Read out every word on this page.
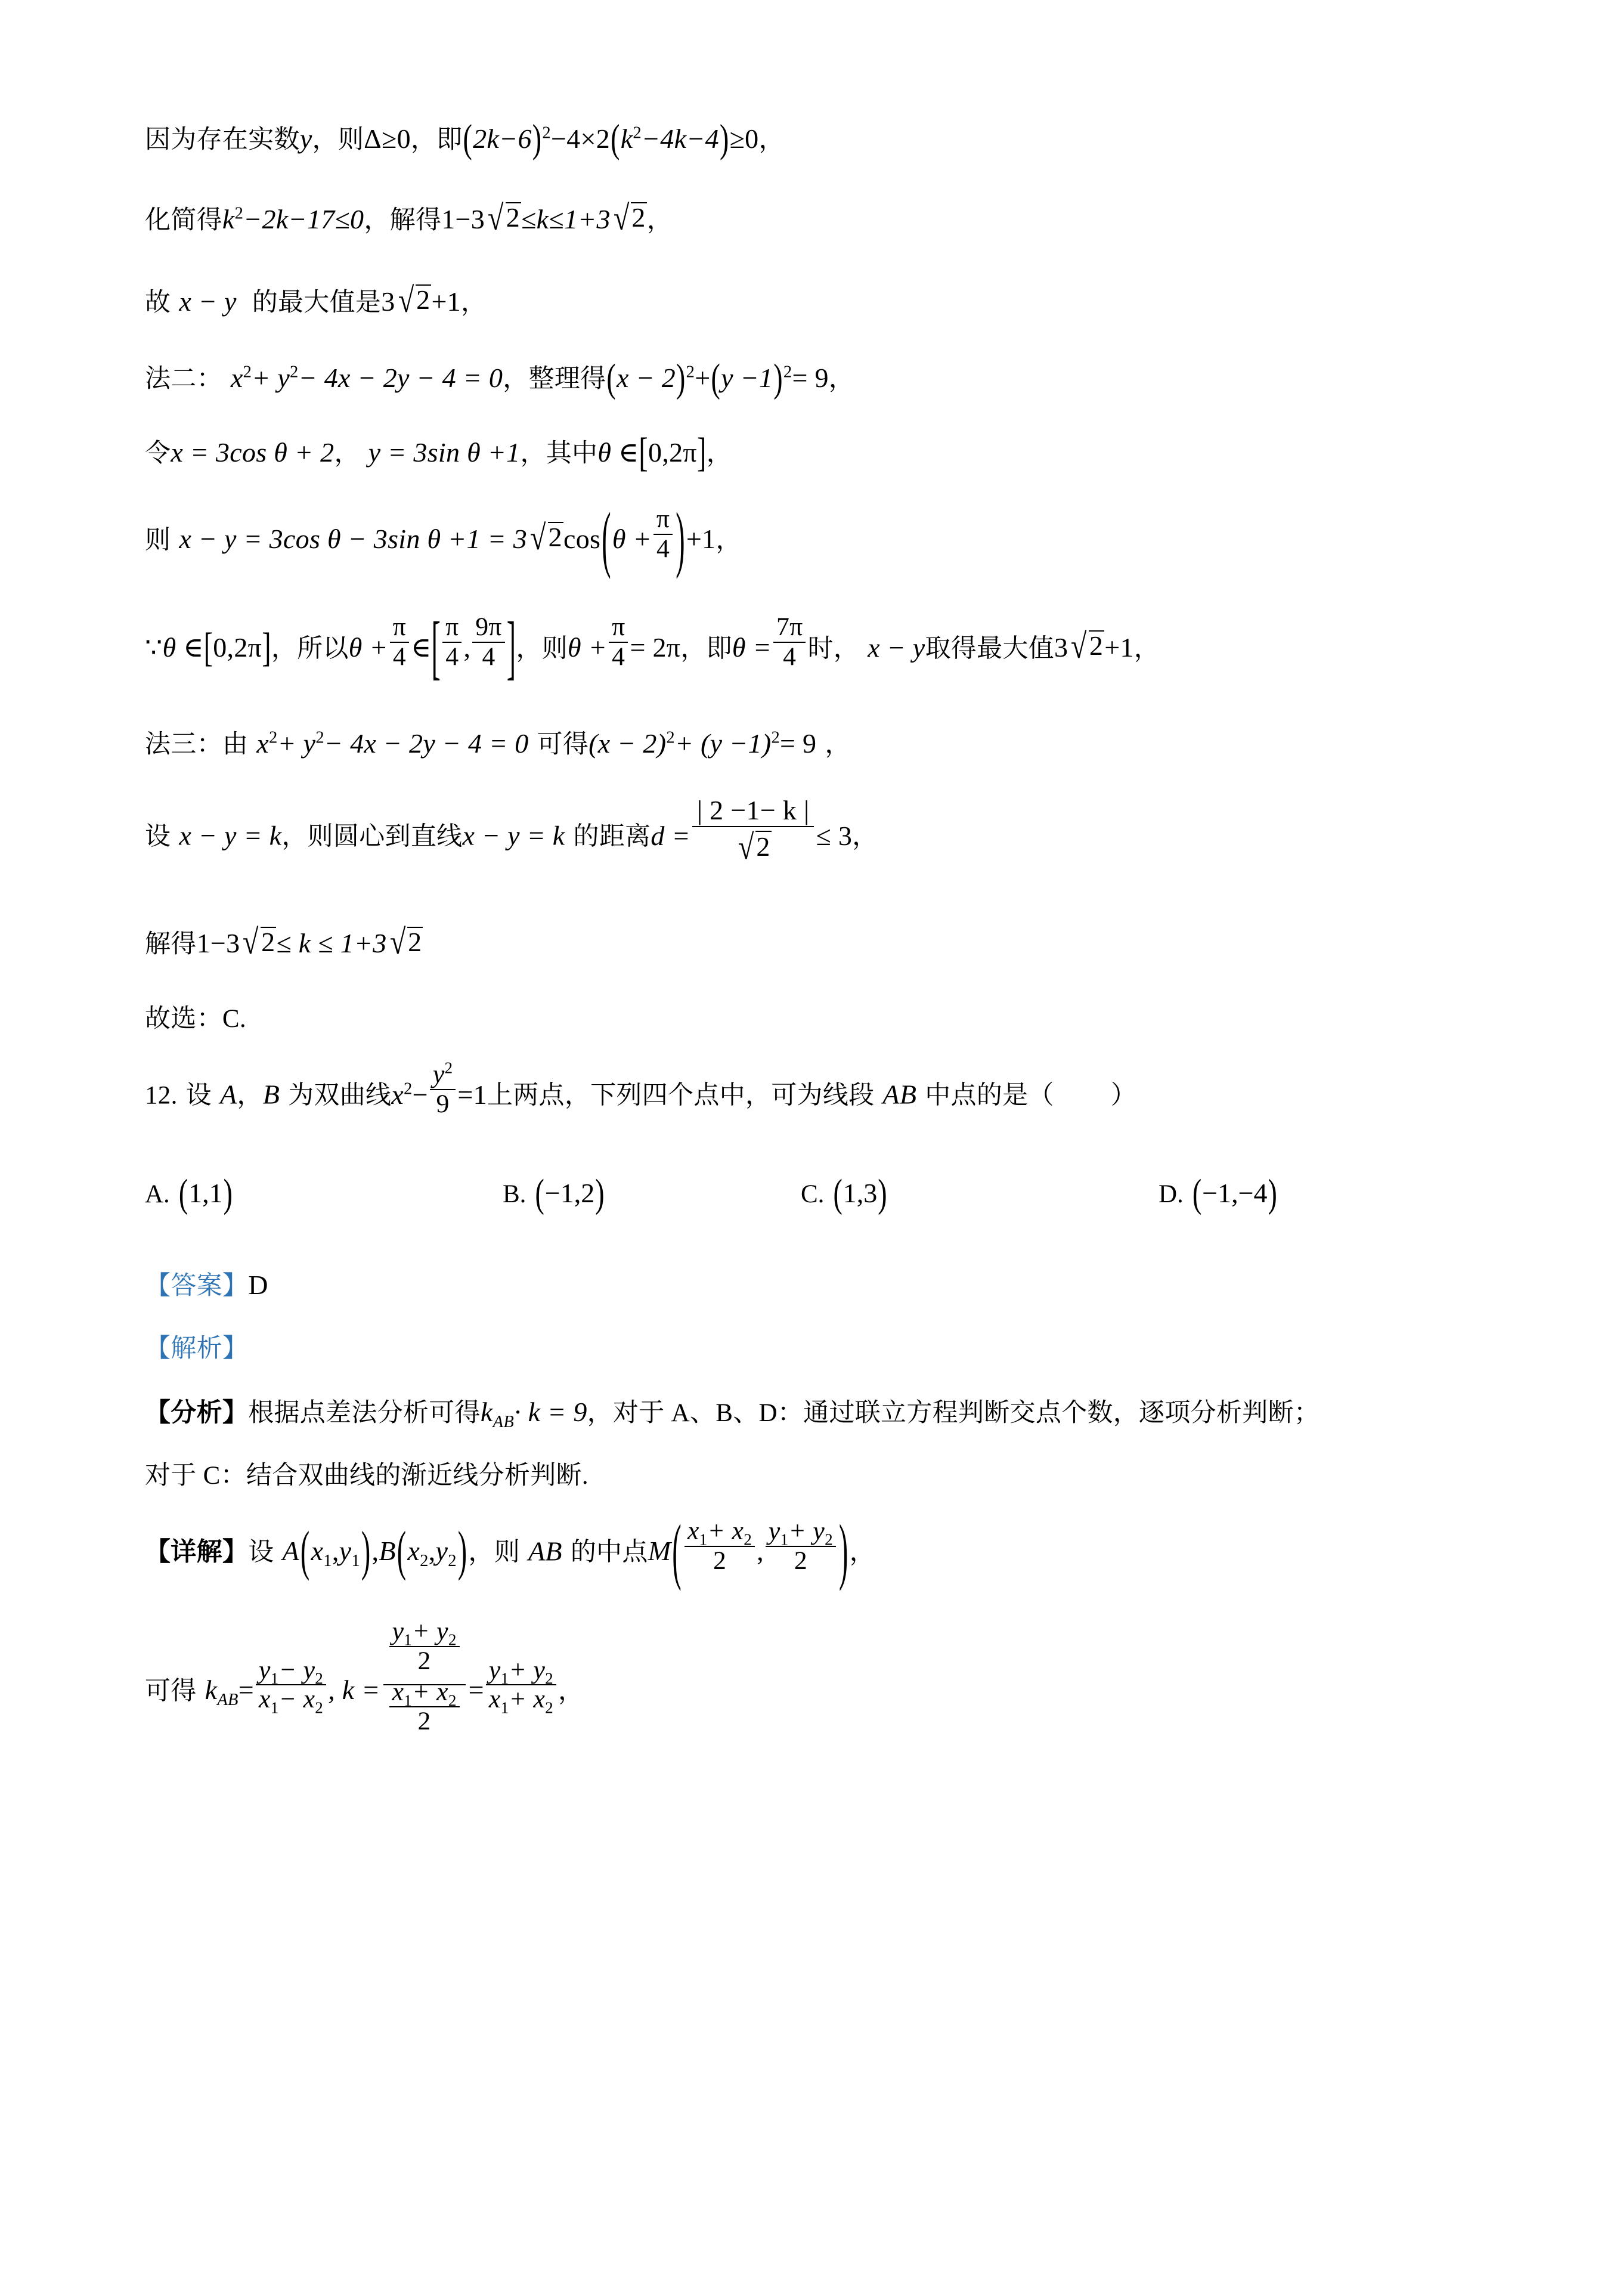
因为存在实数y，则Δ≥0，即$(2k-6)^2-4\times 2(k^2-4k-4)\ge 0$，

化简得$k^2-2k-17\le 0$，解得1−3√2≤k≤1+3√2，

故 x − y 的最大值是3√2+1，

法二： $x^2+ y^2- 4x - 2y - 4 = 0$，整理得$(x - 2)^2+(y -1)^2= 9$，

令x = 3cos θ + 2， y = 3sin θ +1，其中θ ∈[0,2π]，

则 x − y = 3cos θ − 3sin $\theta +1 = 3√2\cos(\theta + \frac{\pi}{4} )+1$，

∵θ ∈[0,2π]，所以$\theta + \frac{\pi}{4}$ ∈[ $\frac{\pi}{4}$ , $\frac{9\pi}{4}$ ]，则$\theta + \frac{\pi}{4} = 2\pi$，即$\theta = \frac{7\pi}{4}$ 时， x − y取得最大值3√2+1，

法三：由 $x^2+ y^2- 4x - 2y - 4 = 0$ 可得$(x - 2)^2+ (y -1)^2= 9$ ，

设 x − y = k，则圆心到直线x − y = k 的距离$d = \frac{| 2 -1- k |}{√2} \le 3$，

解得1−3√2≤ k ≤ 1+3√2

故选：C.

12. 设 A，B 为双曲线$x^2- \frac{y^2}{9} =1$上两点，下列四个点中，可为线段 AB 中点的是（ ）

A. (1,1)	B. (−1,2)	C. (1,3)	D. (−1,−4)

【答案】D

【解析】

【分析】根据点差法分析可得$k_{AB}\cdot k = 9$，对于 A、B、D：通过联立方程判断交点个数，逐项分析判断；

对于 C：结合双曲线的渐近线分析判断.

【详解】设 $A(x_1,y_1),B(x_2,y_2)$，则 AB 的中点$M( \frac{x_1+ x_2}{2}$ , $\frac{y_1+ y_2}{2}$ )，

可得 $k_{AB}= \frac{y_1- y_2}{x_1- x_2}$ , $k = \frac{\frac{y_1+ y_2}{2}}{\frac{x_1+ x_2}{2}} = \frac{y_1+ y_2}{x_1+ x_2}$ ，
